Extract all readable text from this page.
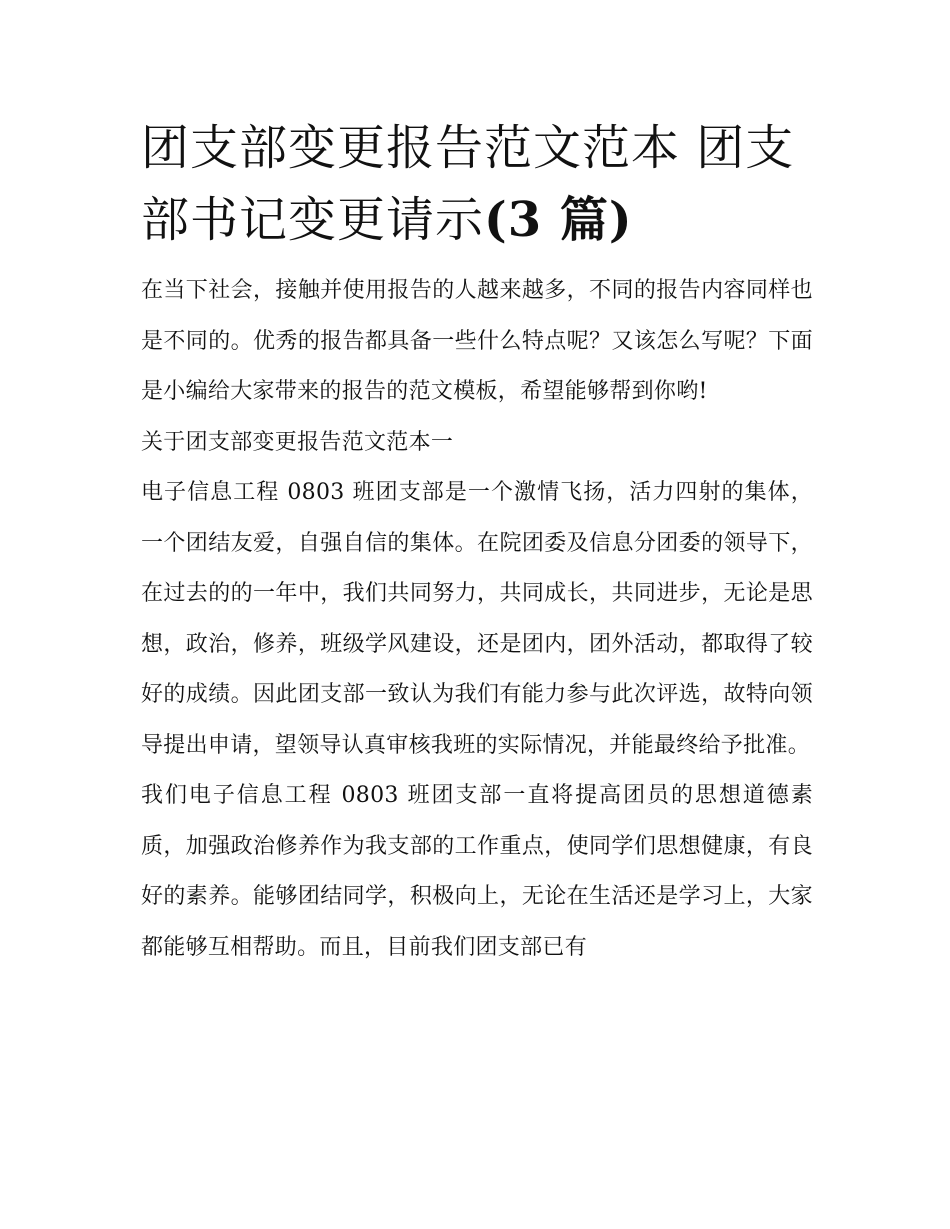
团支部变更报告范文范本 团支
部书记变更请示(3 篇)

在当下社会，接触并使用报告的人越来越多，不同的报告内容同样也是不同的。优秀的报告都具备一些什么特点呢？又该怎么写呢？下面是小编给大家带来的报告的范文模板，希望能够帮到你哟!

关于团支部变更报告范文范本一

电子信息工程 0803 班团支部是一个激情飞扬，活力四射的集体，一个团结友爱，自强自信的集体。在院团委及信息分团委的领导下，在过去的的一年中，我们共同努力，共同成长，共同进步，无论是思想，政治，修养，班级学风建设，还是团内，团外活动，都取得了较好的成绩。因此团支部一致认为我们有能力参与此次评选，故特向领导提出申请，望领导认真审核我班的实际情况，并能最终给予批准。

我们电子信息工程 0803 班团支部一直将提高团员的思想道德素质，加强政治修养作为我支部的工作重点，使同学们思想健康，有良好的素养。能够团结同学，积极向上，无论在生活还是学习上，大家都能够互相帮助。而且，目前我们团支部已有
